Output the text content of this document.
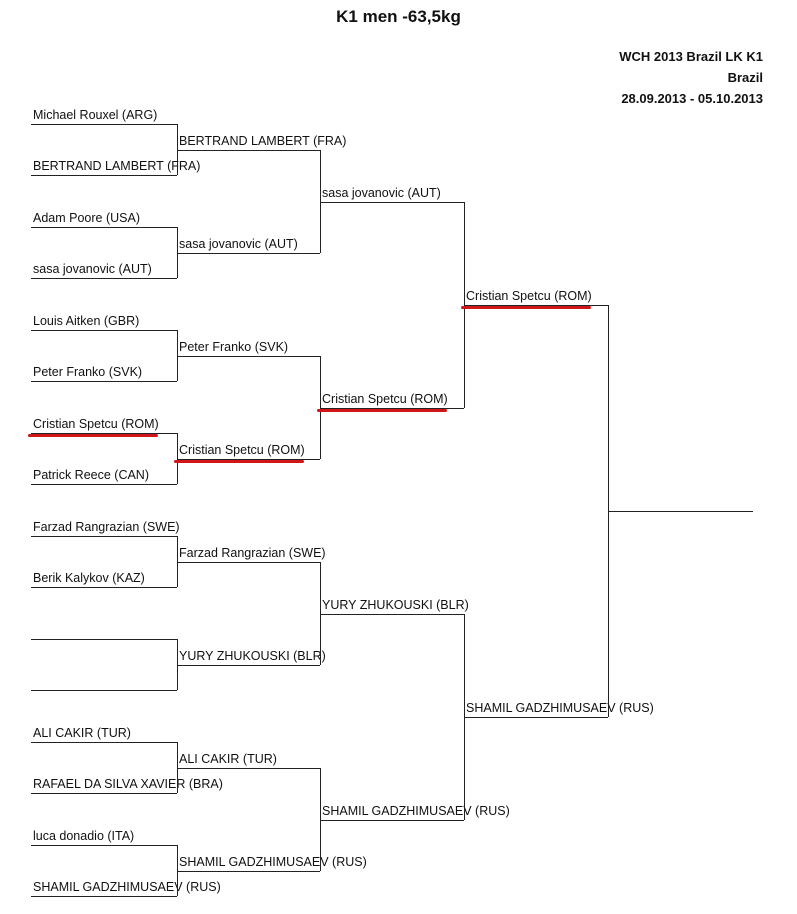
K1 men -63,5kg
WCH 2013 Brazil LK K1
Brazil
28.09.2013 - 05.10.2013
Michael Rouxel (ARG)
BERTRAND LAMBERT (FRA)
Adam Poore (USA)
sasa jovanovic (AUT)
Louis Aitken (GBR)
Peter Franko (SVK)
Cristian Spetcu (ROM)
Patrick Reece (CAN)
Farzad Rangrazian (SWE)
Berik Kalykov (KAZ)
ALI CAKIR (TUR)
RAFAEL DA SILVA XAVIER (BRA)
luca donadio (ITA)
SHAMIL GADZHIMUSAEV (RUS)
BERTRAND LAMBERT (FRA)
sasa jovanovic (AUT)
Peter Franko (SVK)
Cristian Spetcu (ROM)
Farzad Rangrazian (SWE)
YURY ZHUKOUSKI (BLR)
ALI CAKIR (TUR)
SHAMIL GADZHIMUSAEV (RUS)
sasa jovanovic (AUT)
Cristian Spetcu (ROM)
YURY ZHUKOUSKI (BLR)
SHAMIL GADZHIMUSAEV (RUS)
Cristian Spetcu (ROM)
SHAMIL GADZHIMUSAEV (RUS)
